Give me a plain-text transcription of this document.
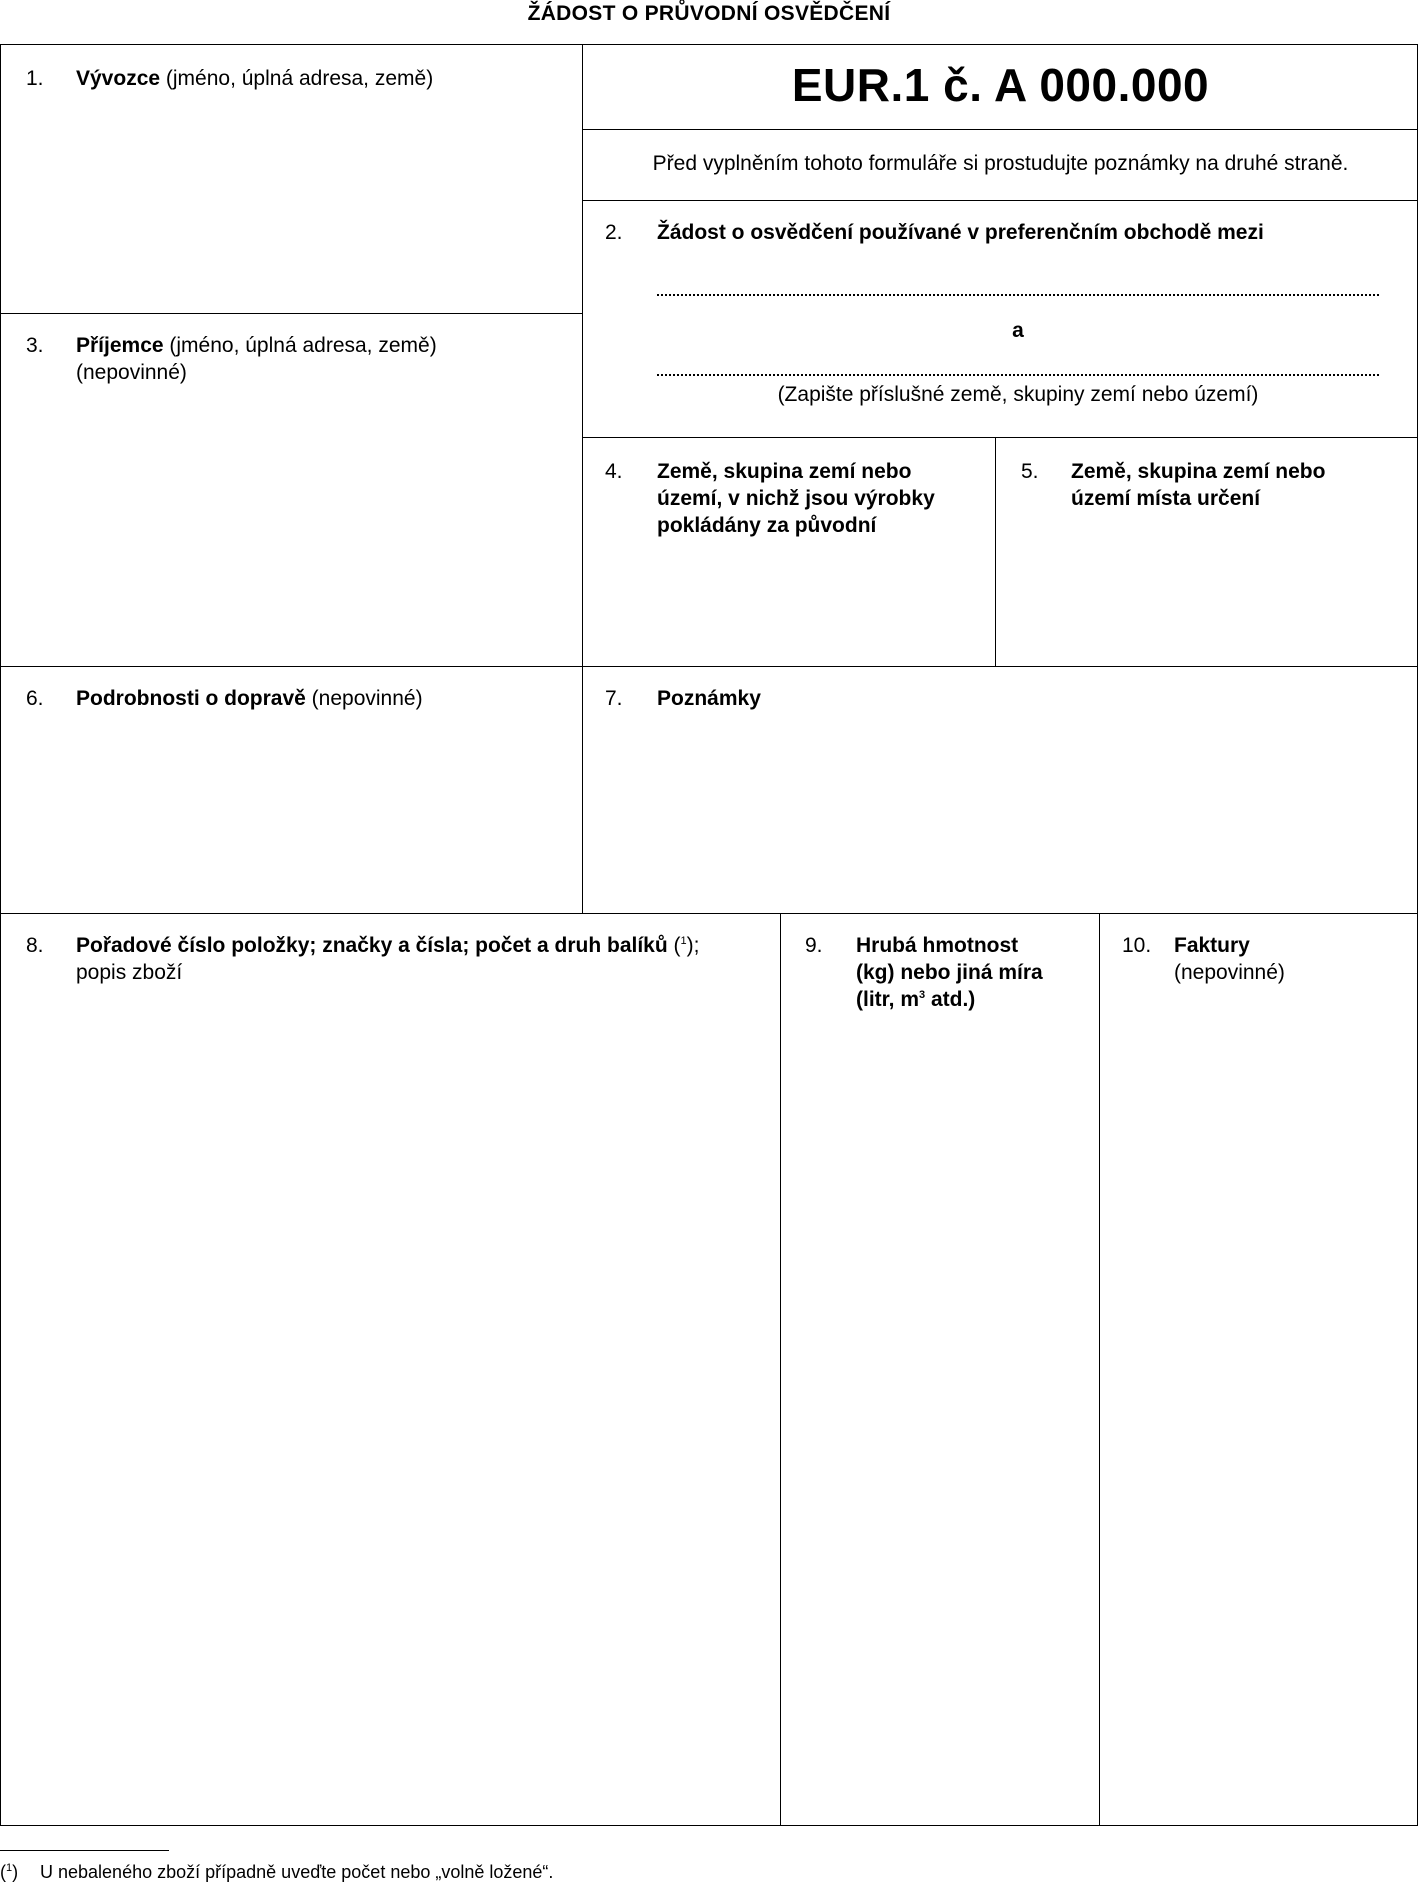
ŽÁDOST O PRŮVODNÍ OSVĚDČENÍ
EUR.1 č. A 000.000
Před vyplněním tohoto formuláře si prostudujte poznámky na druhé straně.
1. Vývozce (jméno, úplná adresa, země)
2. Žádost o osvědčení používané v preferenčním obchodě mezi
a
(Zapište příslušné země, skupiny zemí nebo území)
3. Příjemce (jméno, úplná adresa, země)
(nepovinné)
4. Země, skupina zemí nebo
území, v nichž jsou výrobky
pokládány za původní
5. Země, skupina zemí nebo
území místa určení
6. Podrobnosti o dopravě (nepovinné)	7. Poznámky
8. Pořadové číslo položky; značky a čísla; počet a druh balíků ($^1$);
popis zboží
9. Hrubá hmotnost
(kg) nebo jiná míra
(litr, $m^3$ atd.)
10. Faktury
(nepovinné)
($^1$) U nebaleného zboží případně uveďte počet nebo „volně ložené“.
